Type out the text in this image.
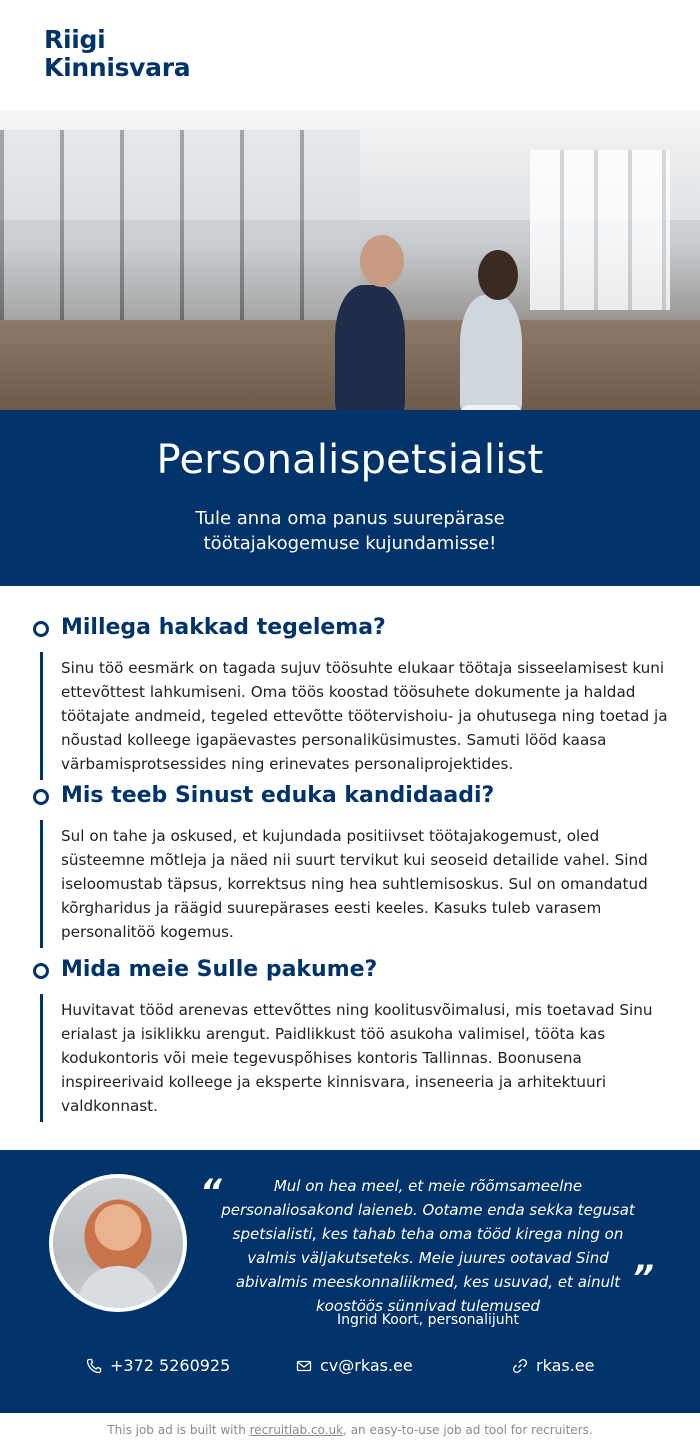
Riigi
Kinnisvara
Personalispetsialist

Tule anna oma panus suurepärase
töötajakogemuse kujundamisse!

Millega hakkad tegelema?
Sinu töö eesmärk on tagada sujuv töösuhte elukaar töötaja sisseelamisest kuni ettevõttest lahkumiseni. Oma töös koostad töösuhete dokumente ja haldad töötajate andmeid, tegeled ettevõtte töötervishoiu- ja ohutusega ning toetad ja nõustad kolleege igapäevastes personaliküsimustes. Samuti lööd kaasa värbamisprotsessides ning erinevates personaliprojektides.
Mis teeb Sinust eduka kandidaadi?
Sul on tahe ja oskused, et kujundada positiivset töötajakogemust, oled süsteemne mõtleja ja näed nii suurt tervikut kui seoseid detailide vahel. Sind iseloomustab täpsus, korrektsus ning hea suhtlemisoskus. Sul on omandatud kõrgharidus ja räägid suurepärases eesti keeles. Kasuks tuleb varasem personalitöö kogemus.
Mida meie Sulle pakume?
Huvitavat tööd arenevas ettevõttes ning koolitusvõimalusi, mis toetavad Sinu erialast ja isiklikku arengut. Paidlikkust töö asukoha valimisel, tööta kas kodukontoris või meie tegevuspõhises kontoris Tallinnas. Boonusena inspireerivaid kolleege ja eksperte kinnisvara, inseneeria ja arhitektuuri valdkonnast.
“	Mul on hea meel, et meie rõõmsameelne personaliosakond laieneb. Ootame enda sekka tegusat spetsialisti, kes tahab teha oma tööd kirega ning on valmis väljakutseteks. Meie juures ootavad Sind abivalmis meeskonnaliikmed, kes usuvad, et ainult koostöös sünnivad tulemused
”
Ingrid Koort, personalijuht
+372 5260925	cv@rkas.ee	rkas.ee
This job ad is built with recruitlab.co.uk, an easy-to-use job ad tool for recruiters.
